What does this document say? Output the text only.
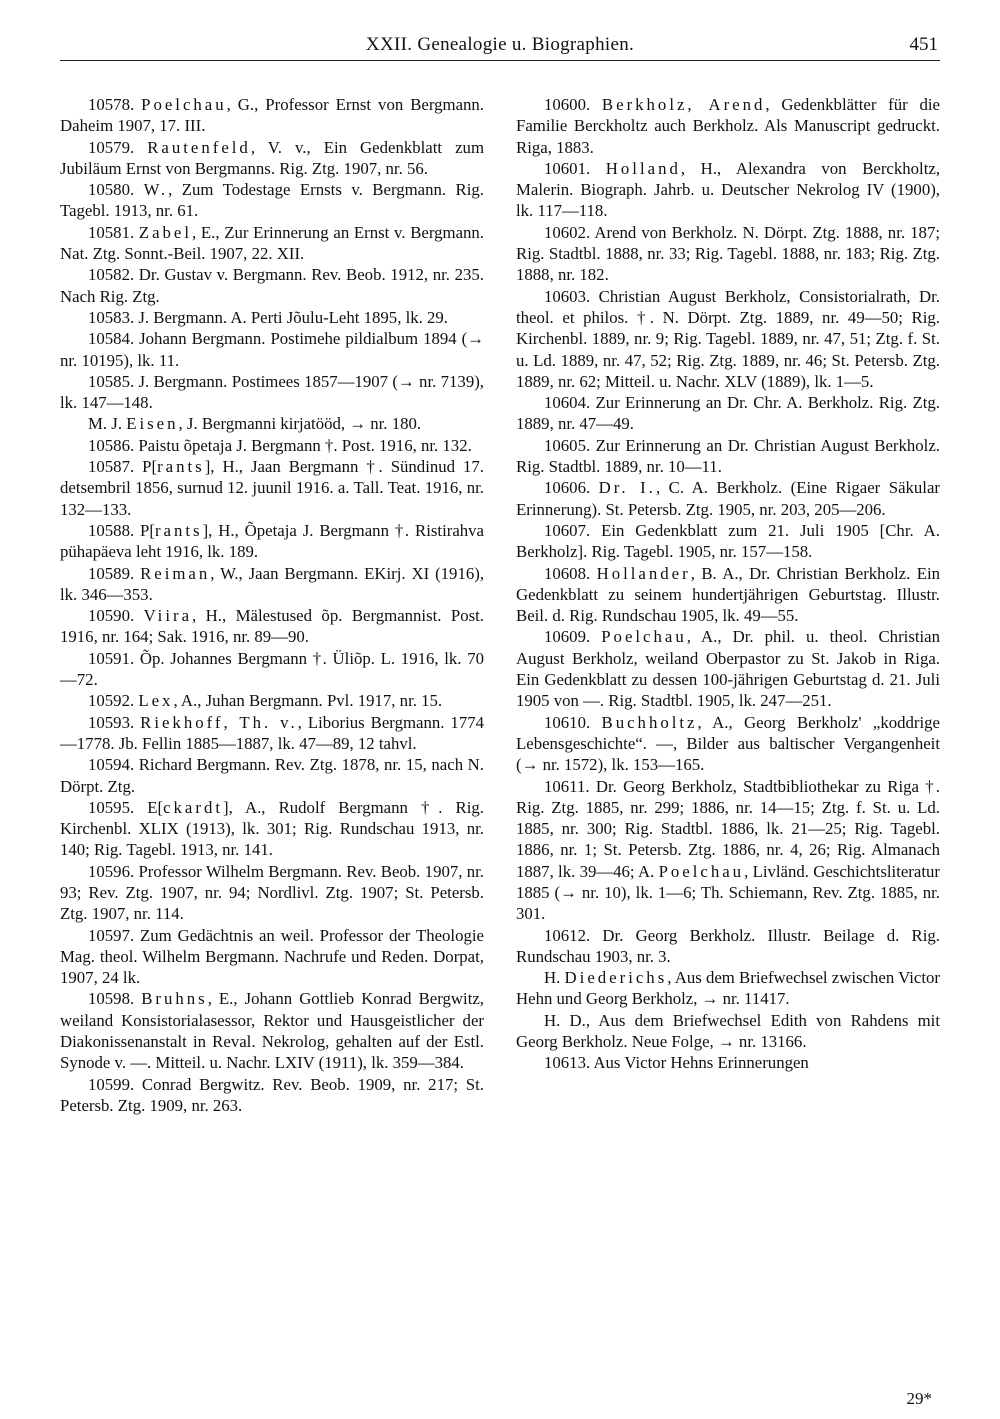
XXII. Genealogie u. Biographien.	451

10578. Poelchau, G., Professor Ernst von Bergmann. Daheim 1907, 17. III.

10579. Rautenfeld, V. v., Ein Gedenkblatt zum Jubiläum Ernst von Bergmanns. Rig. Ztg. 1907, nr. 56.

10580. W., Zum Todestage Ernsts v. Bergmann. Rig. Tagebl. 1913, nr. 61.

10581. Zabel, E., Zur Erinnerung an Ernst v. Bergmann. Nat. Ztg. Sonnt.-Beil. 1907, 22. XII.

10582. Dr. Gustav v. Bergmann. Rev. Beob. 1912, nr. 235. Nach Rig. Ztg.

10583. J. Bergmann. A. Perti Jõulu-Leht 1895, lk. 29.

10584. Johann Bergmann. Postimehe pildialbum 1894 (→ nr. 10195), lk. 11.

10585. J. Bergmann. Postimees 1857—1907 (→ nr. 7139), lk. 147—148.

M. J. Eisen, J. Bergmanni kirjatööd, → nr. 180.

10586. Paistu õpetaja J. Bergmann †. Post. 1916, nr. 132.

10587. P[rants], H., Jaan Bergmann †. Sündinud 17. detsembril 1856, surnud 12. juunil 1916. a. Tall. Teat. 1916, nr. 132—133.

10588. P[rants], H., Õpetaja J. Bergmann †. Ristirahva pühapäeva leht 1916, lk. 189.

10589. Reiman, W., Jaan Bergmann. EKirj. XI (1916), lk. 346—353.

10590. Viira, H., Mälestused õp. Bergmannist. Post. 1916, nr. 164; Sak. 1916, nr. 89—90.

10591. Õp. Johannes Bergmann †. Üliõp. L. 1916, lk. 70—72.

10592. Lex, A., Juhan Bergmann. Pvl. 1917, nr. 15.

10593. Riekhoff, Th. v., Liborius Bergmann. 1774—1778. Jb. Fellin 1885—1887, lk. 47—89, 12 tahvl.

10594. Richard Bergmann. Rev. Ztg. 1878, nr. 15, nach N. Dörpt. Ztg.

10595. E[ckardt], A., Rudolf Bergmann †. Rig. Kirchenbl. XLIX (1913), lk. 301; Rig. Rundschau 1913, nr. 140; Rig. Tagebl. 1913, nr. 141.

10596. Professor Wilhelm Bergmann. Rev. Beob. 1907, nr. 93; Rev. Ztg. 1907, nr. 94; Nordlivl. Ztg. 1907; St. Petersb. Ztg. 1907, nr. 114.

10597. Zum Gedächtnis an weil. Professor der Theologie Mag. theol. Wilhelm Bergmann. Nachrufe und Reden. Dorpat, 1907, 24 lk.

10598. Bruhns, E., Johann Gottlieb Konrad Bergwitz, weiland Konsistorialasessor, Rektor und Hausgeistlicher der Diakonissenanstalt in Reval. Nekrolog, gehalten auf der Estl. Synode v. —. Mitteil. u. Nachr. LXIV (1911), lk. 359—384.

10599. Conrad Bergwitz. Rev. Beob. 1909, nr. 217; St. Petersb. Ztg. 1909, nr. 263.

10600. Berkholz, Arend, Gedenkblätter für die Familie Berckholtz auch Berkholz. Als Manuscript gedruckt. Riga, 1883.

10601. Holland, H., Alexandra von Berckholtz, Malerin. Biograph. Jahrb. u. Deutscher Nekrolog IV (1900), lk. 117—118.

10602. Arend von Berkholz. N. Dörpt. Ztg. 1888, nr. 187; Rig. Stadtbl. 1888, nr. 33; Rig. Tagebl. 1888, nr. 183; Rig. Ztg. 1888, nr. 182.

10603. Christian August Berkholz, Consistorialrath, Dr. theol. et philos. †. N. Dörpt. Ztg. 1889, nr. 49—50; Rig. Kirchenbl. 1889, nr. 9; Rig. Tagebl. 1889, nr. 47, 51; Ztg. f. St. u. Ld. 1889, nr. 47, 52; Rig. Ztg. 1889, nr. 46; St. Petersb. Ztg. 1889, nr. 62; Mitteil. u. Nachr. XLV (1889), lk. 1—5.

10604. Zur Erinnerung an Dr. Chr. A. Berkholz. Rig. Ztg. 1889, nr. 47—49.

10605. Zur Erinnerung an Dr. Christian August Berkholz. Rig. Stadtbl. 1889, nr. 10—11.

10606. Dr. I., C. A. Berkholz. (Eine Rigaer Säkular Erinnerung). St. Petersb. Ztg. 1905, nr. 203, 205—206.

10607. Ein Gedenkblatt zum 21. Juli 1905 [Chr. A. Berkholz]. Rig. Tagebl. 1905, nr. 157—158.

10608. Hollander, B. A., Dr. Christian Berkholz. Ein Gedenkblatt zu seinem hundertjährigen Geburtstag. Illustr. Beil. d. Rig. Rundschau 1905, lk. 49—55.

10609. Poelchau, A., Dr. phil. u. theol. Christian August Berkholz, weiland Oberpastor zu St. Jakob in Riga. Ein Gedenkblatt zu dessen 100-jährigen Geburtstag d. 21. Juli 1905 von —. Rig. Stadtbl. 1905, lk. 247—251.

10610. Buchholtz, A., Georg Berkholz' „koddrige Lebensgeschichte“. —, Bilder aus baltischer Vergangenheit (→ nr. 1572), lk. 153—165.

10611. Dr. Georg Berkholz, Stadtbibliothekar zu Riga †. Rig. Ztg. 1885, nr. 299; 1886, nr. 14—15; Ztg. f. St. u. Ld. 1885, nr. 300; Rig. Stadtbl. 1886, lk. 21—25; Rig. Tagebl. 1886, nr. 1; St. Petersb. Ztg. 1886, nr. 4, 26; Rig. Almanach 1887, lk. 39—46; A. Poelchau, Livländ. Geschichtsliteratur 1885 (→ nr. 10), lk. 1—6; Th. Schiemann, Rev. Ztg. 1885, nr. 301.

10612. Dr. Georg Berkholz. Illustr. Beilage d. Rig. Rundschau 1903, nr. 3.

H. Diederichs, Aus dem Briefwechsel zwischen Victor Hehn und Georg Berkholz, → nr. 11417.

H. D., Aus dem Briefwechsel Edith von Rahdens mit Georg Berkholz. Neue Folge, → nr. 13166.

10613. Aus Victor Hehns Erinnerungen

29*
